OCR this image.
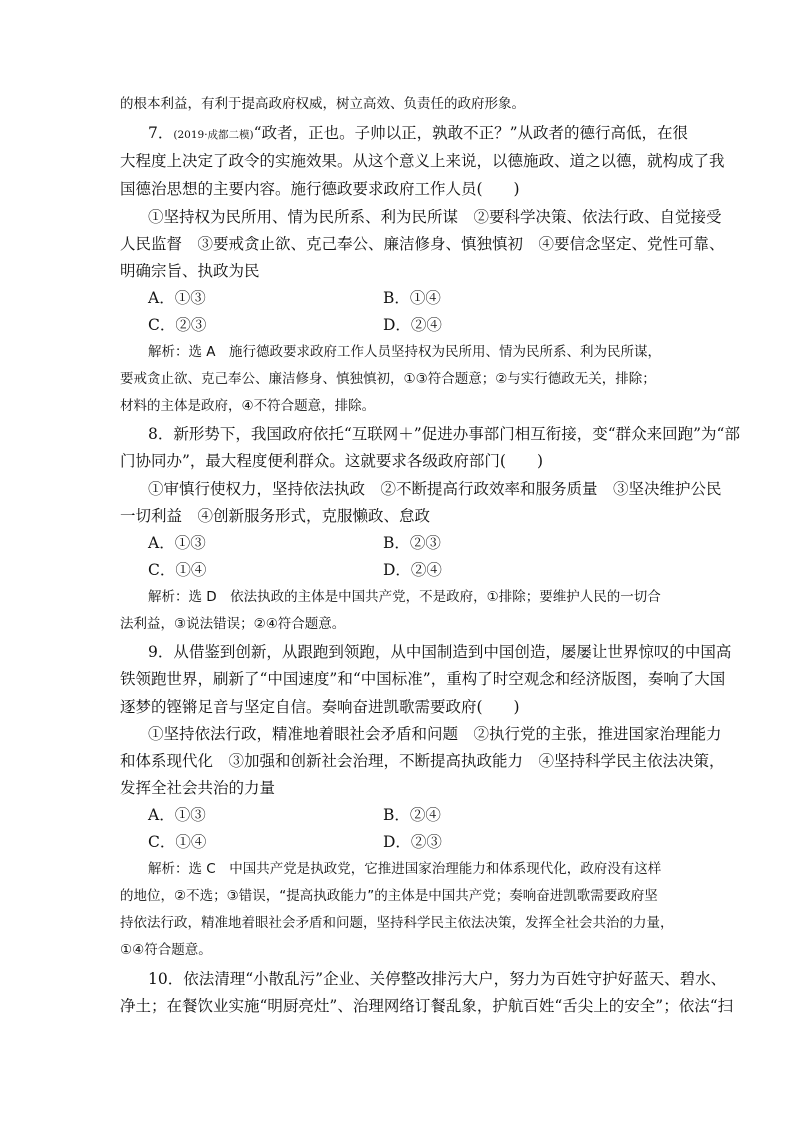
的根本利益，有利于提高政府权威，树立高效、负责任的政府形象。
7．(2019·成都二模)“政者，正也。子帅以正，孰敢不正？”从政者的德行高低，在很
大程度上决定了政令的实施效果。从这个意义上来说，以德施政、道之以德，就构成了我
国德治思想的主要内容。施行德政要求政府工作人员(　　)
①坚持权为民所用、情为民所系、利为民所谋　②要科学决策、依法行政、自觉接受
人民监督　③要戒贪止欲、克己奉公、廉洁修身、慎独慎初　④要信念坚定、党性可靠、
明确宗旨、执政为民
A．①③	B．①④
C．②③	D．②④
解析：选 A　施行德政要求政府工作人员坚持权为民所用、情为民所系、利为民所谋，
要戒贪止欲、克己奉公、廉洁修身、慎独慎初，①③符合题意；②与实行德政无关，排除；
材料的主体是政府，④不符合题意，排除。
8．新形势下，我国政府依托“互联网＋”促进办事部门相互衔接，变“群众来回跑”为“部
门协同办”，最大程度便利群众。这就要求各级政府部门(　　)
①审慎行使权力，坚持依法执政　②不断提高行政效率和服务质量　③坚决维护公民
一切利益　④创新服务形式，克服懒政、怠政
A．①③	B．②③
C．①④	D．②④
解析：选 D　依法执政的主体是中国共产党，不是政府，①排除；要维护人民的一切合
法利益，③说法错误；②④符合题意。
9．从借鉴到创新，从跟跑到领跑，从中国制造到中国创造，屡屡让世界惊叹的中国高
铁领跑世界，刷新了“中国速度”和“中国标准”，重构了时空观念和经济版图，奏响了大国
逐梦的铿锵足音与坚定自信。奏响奋进凯歌需要政府(　　)
①坚持依法行政，精准地着眼社会矛盾和问题　②执行党的主张，推进国家治理能力
和体系现代化　③加强和创新社会治理，不断提高执政能力　④坚持科学民主依法决策，
发挥全社会共治的力量
A．①③	B．②④
C．①④	D．②③
解析：选 C　中国共产党是执政党，它推进国家治理能力和体系现代化，政府没有这样
的地位，②不选；③错误，“提高执政能力”的主体是中国共产党；奏响奋进凯歌需要政府坚
持依法行政，精准地着眼社会矛盾和问题，坚持科学民主依法决策，发挥全社会共治的力量，
①④符合题意。
10．依法清理“小散乱污”企业、关停整改排污大户，努力为百姓守护好蓝天、碧水、
净土；在餐饮业实施“明厨亮灶”、治理网络订餐乱象，护航百姓“舌尖上的安全”；依法“扫
